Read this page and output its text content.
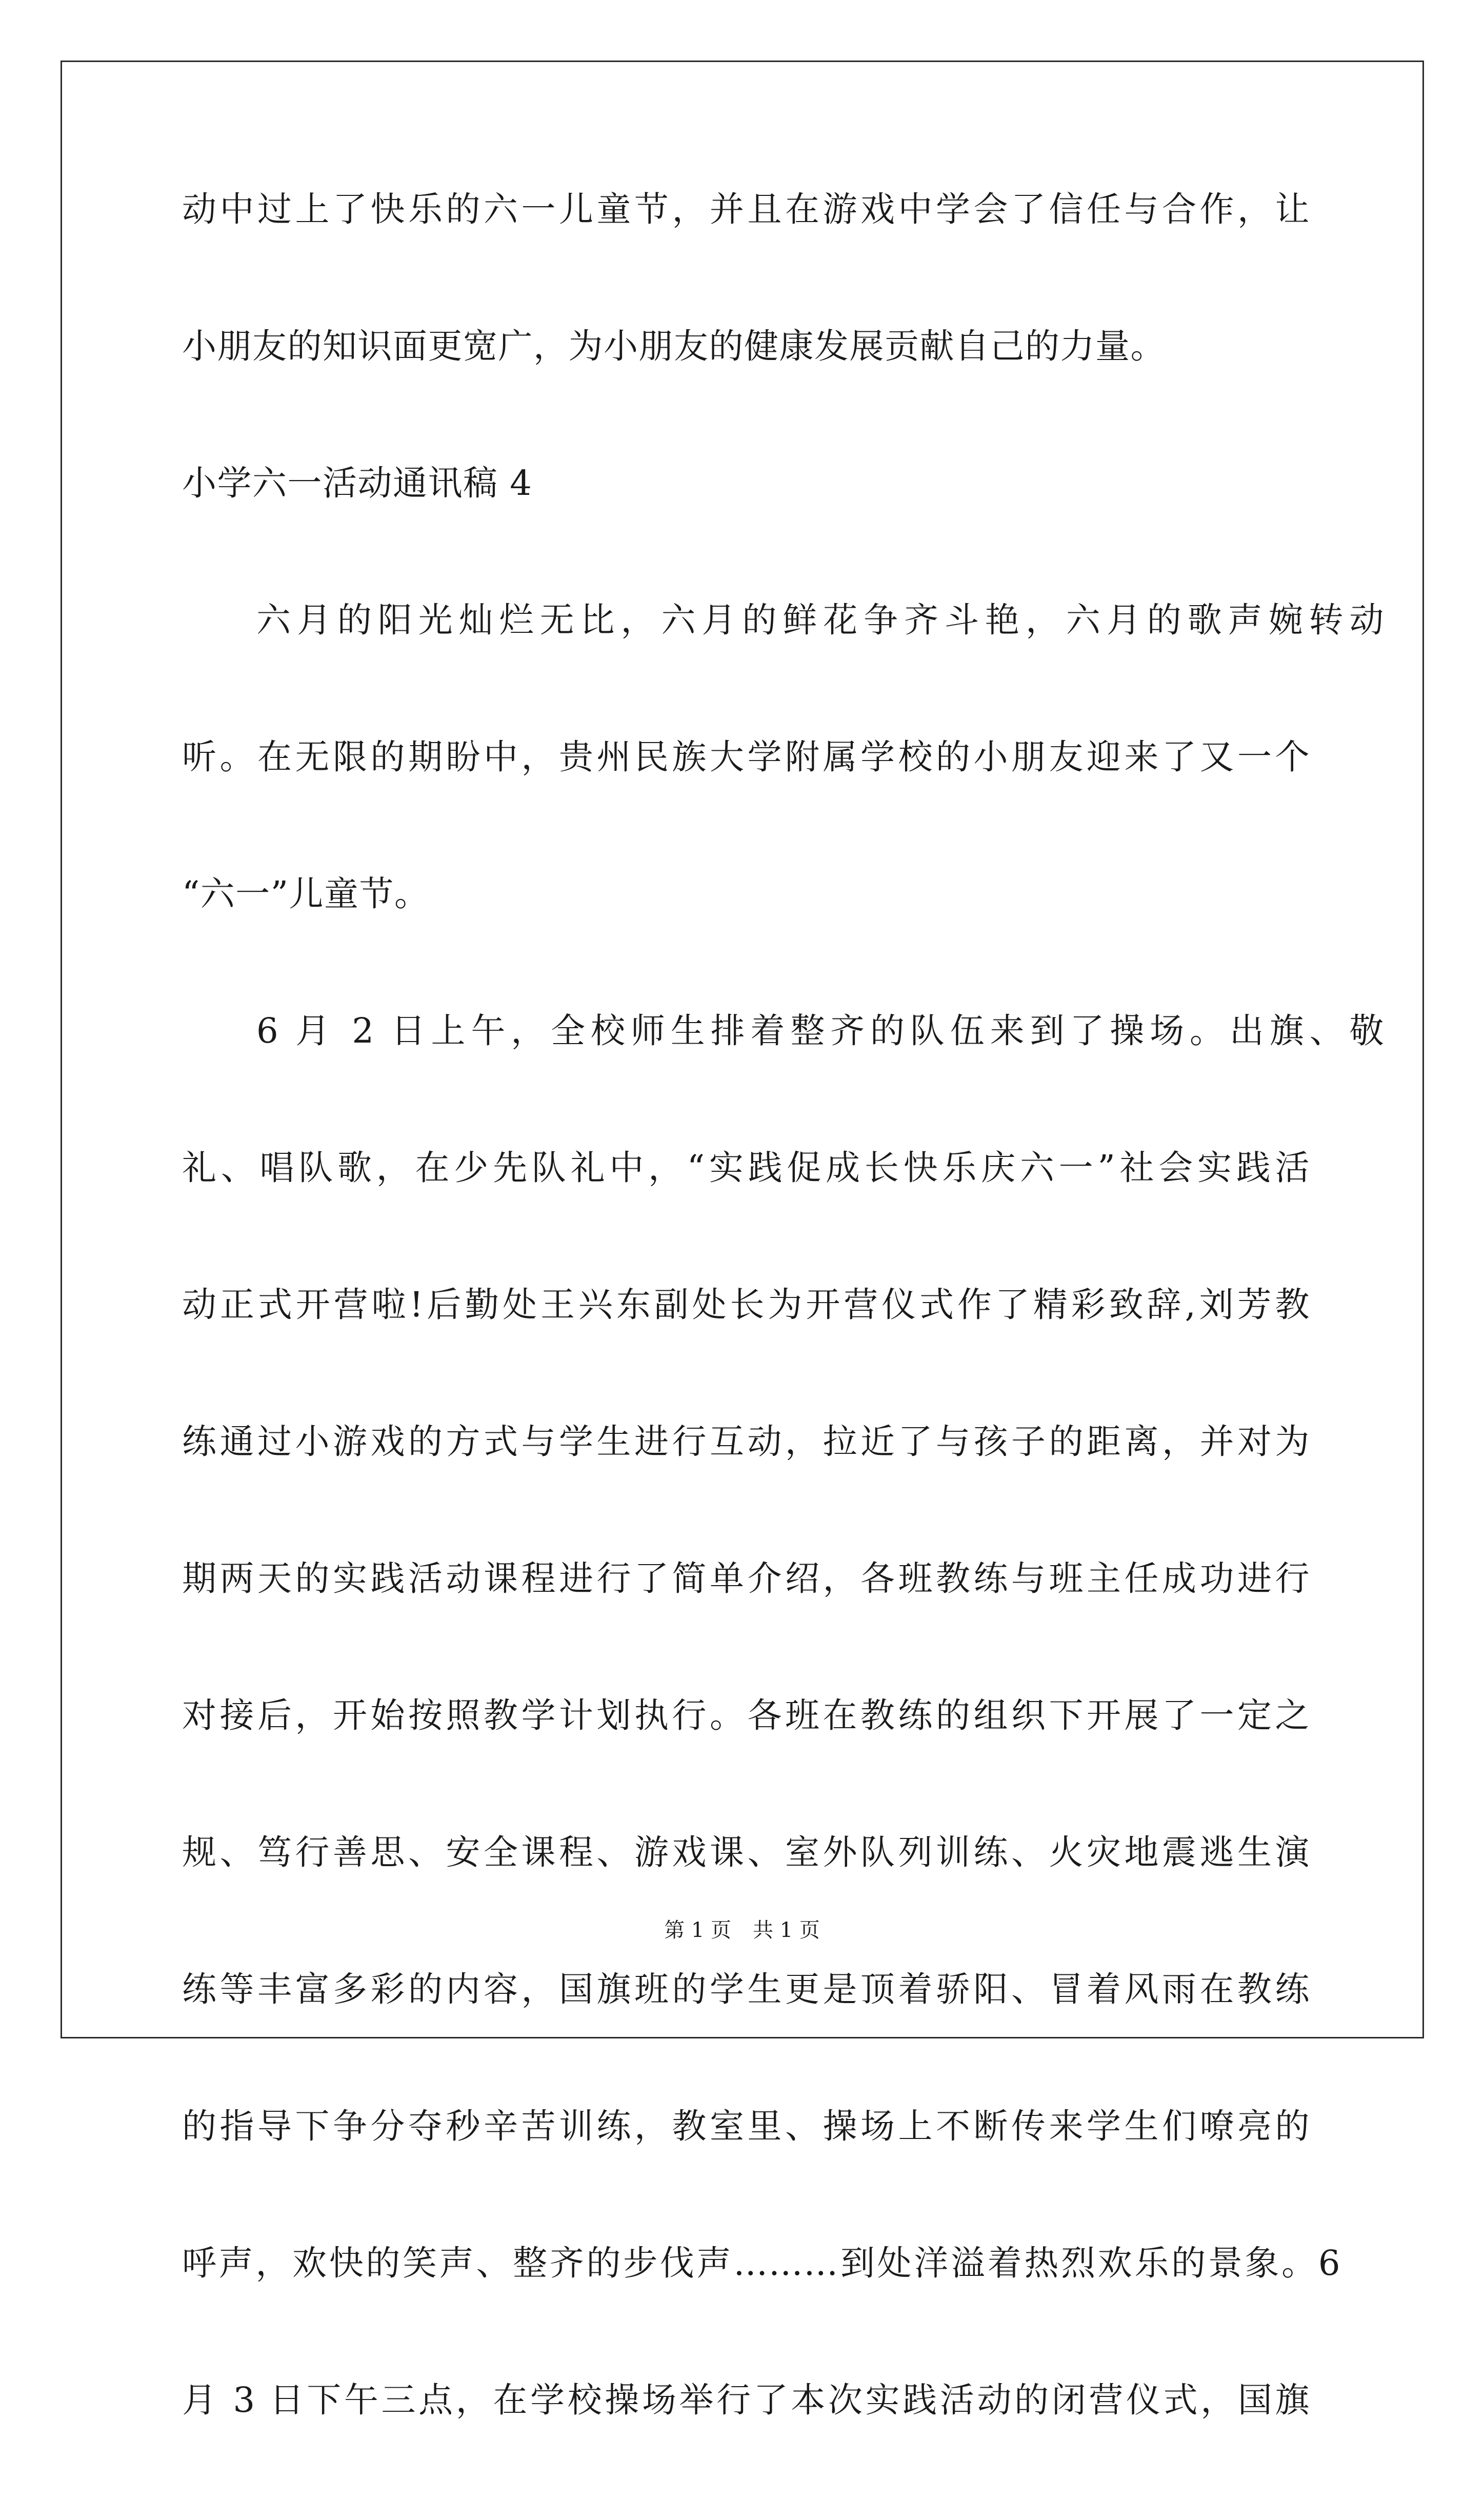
动中过上了快乐的六一儿童节，并且在游戏中学会了信任与合作，让
小朋友的知识面更宽广，为小朋友的健康发展贡献自己的力量。
小学六一活动通讯稿 4
六月的阳光灿烂无比，六月的鲜花争齐斗艳，六月的歌声婉转动
听。在无限的期盼中，贵州民族大学附属学校的小朋友迎来了又一个
“六一”儿童节。
6 月 2 日上午，全校师生排着整齐的队伍来到了操场。出旗、敬
礼、唱队歌，在少先队礼中，“实践促成长快乐庆六一”社会实践活
动正式开营啦!后勤处王兴东副处长为开营仪式作了精彩致辞,刘芳教
练通过小游戏的方式与学生进行互动，拉近了与孩子的距离，并对为
期两天的实践活动课程进行了简单介绍，各班教练与班主任成功进行
对接后，开始按照教学计划执行。各班在教练的组织下开展了一定之
规、笃行善思、安全课程、游戏课、室外队列训练、火灾地震逃生演
练等丰富多彩的内容，国旗班的学生更是顶着骄阳、冒着风雨在教练
的指导下争分夺秒辛苦训练，教室里、操场上不断传来学生们嘹亮的
呼声，欢快的笑声、整齐的步伐声………到处洋溢着热烈欢乐的景象。6
月 3 日下午三点，在学校操场举行了本次实践活动的闭营仪式，国旗
第 1 页 共 1 页
